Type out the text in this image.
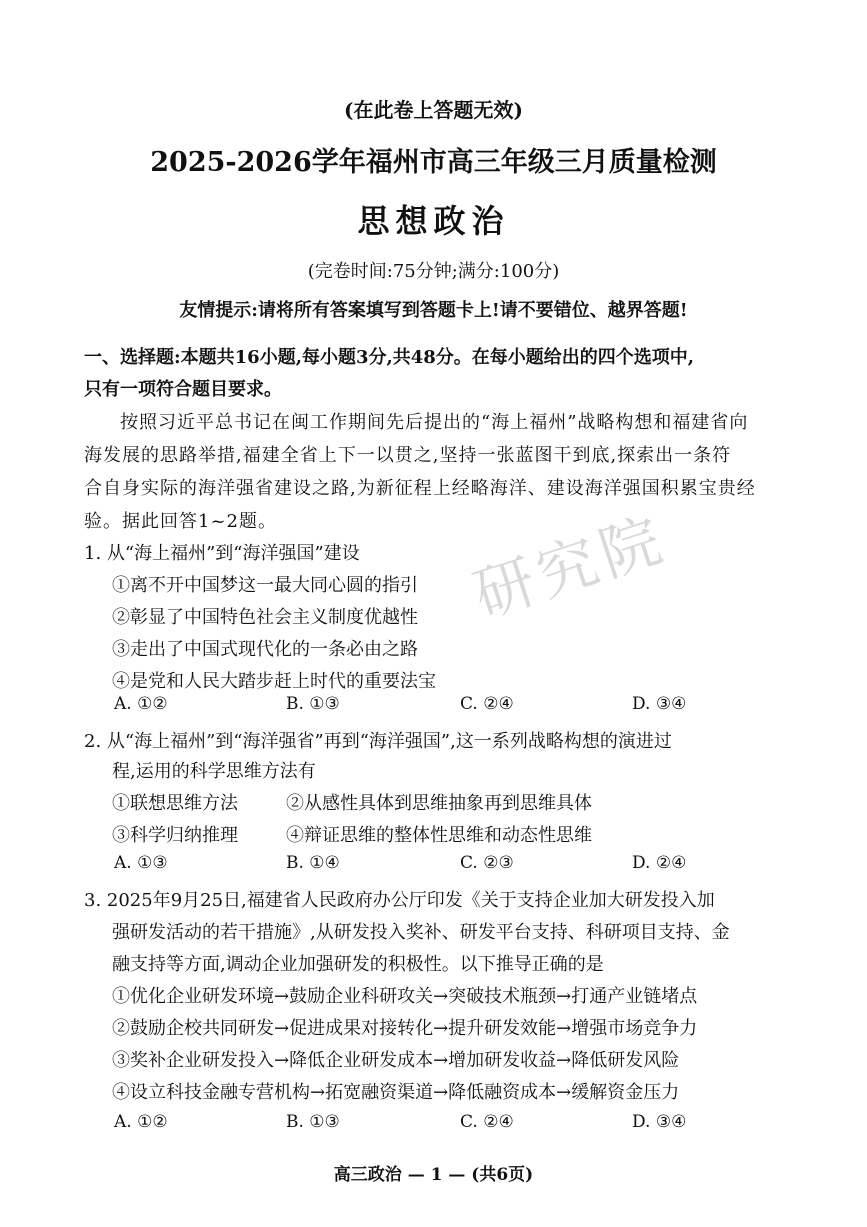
(在此卷上答题无效)
2025-2026学年福州市高三年级三月质量检测
思想政治
(完卷时间:75分钟;满分:100分)
友情提示:请将所有答案填写到答题卡上!请不要错位、越界答题!
一、选择题:本题共16小题,每小题3分,共48分。在每小题给出的四个选项中,
只有一项符合题目要求。
按照习近平总书记在闽工作期间先后提出的“海上福州”战略构想和福建省向
海发展的思路举措,福建全省上下一以贯之,坚持一张蓝图干到底,探索出一条符
合自身实际的海洋强省建设之路,为新征程上经略海洋、建设海洋强国积累宝贵经
验。据此回答1~2题。
1. 从“海上福州”到“海洋强国”建设
①离不开中国梦这一最大同心圆的指引
②彰显了中国特色社会主义制度优越性
③走出了中国式现代化的一条必由之路
④是党和人民大踏步赶上时代的重要法宝
A. ①②	B. ①③	C. ②④	D. ③④
2. 从“海上福州”到“海洋强省”再到“海洋强国”,这一系列战略构想的演进过
程,运用的科学思维方法有
①联想思维方法	②从感性具体到思维抽象再到思维具体
③科学归纳推理	④辩证思维的整体性思维和动态性思维
A. ①③	B. ①④	C. ②③	D. ②④
3. 2025年9月25日,福建省人民政府办公厅印发《关于支持企业加大研发投入加
强研发活动的若干措施》,从研发投入奖补、研发平台支持、科研项目支持、金
融支持等方面,调动企业加强研发的积极性。以下推导正确的是
①优化企业研发环境→鼓励企业科研攻关→突破技术瓶颈→打通产业链堵点
②鼓励企校共同研发→促进成果对接转化→提升研发效能→增强市场竞争力
③奖补企业研发投入→降低企业研发成本→增加研发收益→降低研发风险
④设立科技金融专营机构→拓宽融资渠道→降低融资成本→缓解资金压力
A. ①②	B. ①③	C. ②④	D. ③④
高三政治 — 1 — (共6页)
研究院
